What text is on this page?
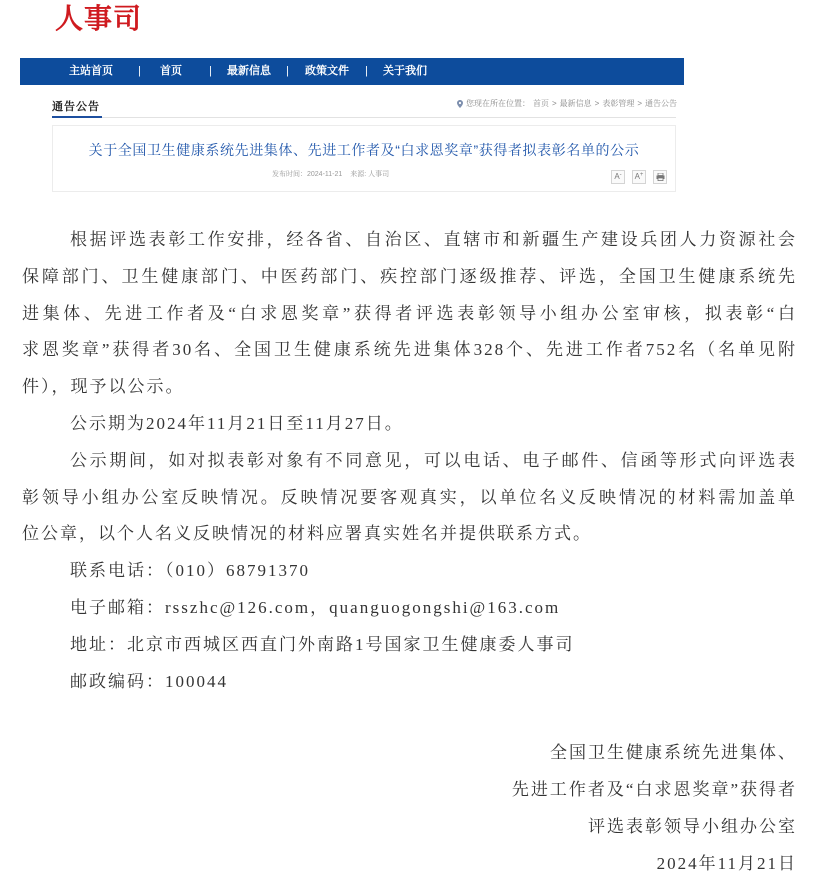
人事司
主站首页 | 首页 | 最新信息 | 政策文件 | 关于我们
通告公告	您现在所在位置： 首页 > 最新信息 > 表彰管理 > 通告公告
关于全国卫生健康系统先进集体、先进工作者及“白求恩奖章”获得者拟表彰名单的公示
发布时间：2024-11-21 来源: 人事司	A-	A+
根据评选表彰工作安排，经各省、自治区、直辖市和新疆生产建设兵团人力资源社会
保障部门、卫生健康部门、中医药部门、疾控部门逐级推荐、评选，全国卫生健康系统先
进集体、先进工作者及“白求恩奖章”获得者评选表彰领导小组办公室审核，拟表彰“白
求恩奖章”获得者30名、全国卫生健康系统先进集体328个、先进工作者752名（名单见附
件），现予以公示。
公示期为2024年11月21日至11月27日。
公示期间，如对拟表彰对象有不同意见，可以电话、电子邮件、信函等形式向评选表
彰领导小组办公室反映情况。反映情况要客观真实，以单位名义反映情况的材料需加盖单
位公章，以个人名义反映情况的材料应署真实姓名并提供联系方式。
联系电话：（010）68791370
电子邮箱：rsszhc@126.com，quanguogongshi@163.com
地址：北京市西城区西直门外南路1号国家卫生健康委人事司
邮政编码：100044
全国卫生健康系统先进集体、
先进工作者及“白求恩奖章”获得者
评选表彰领导小组办公室
2024年11月21日
